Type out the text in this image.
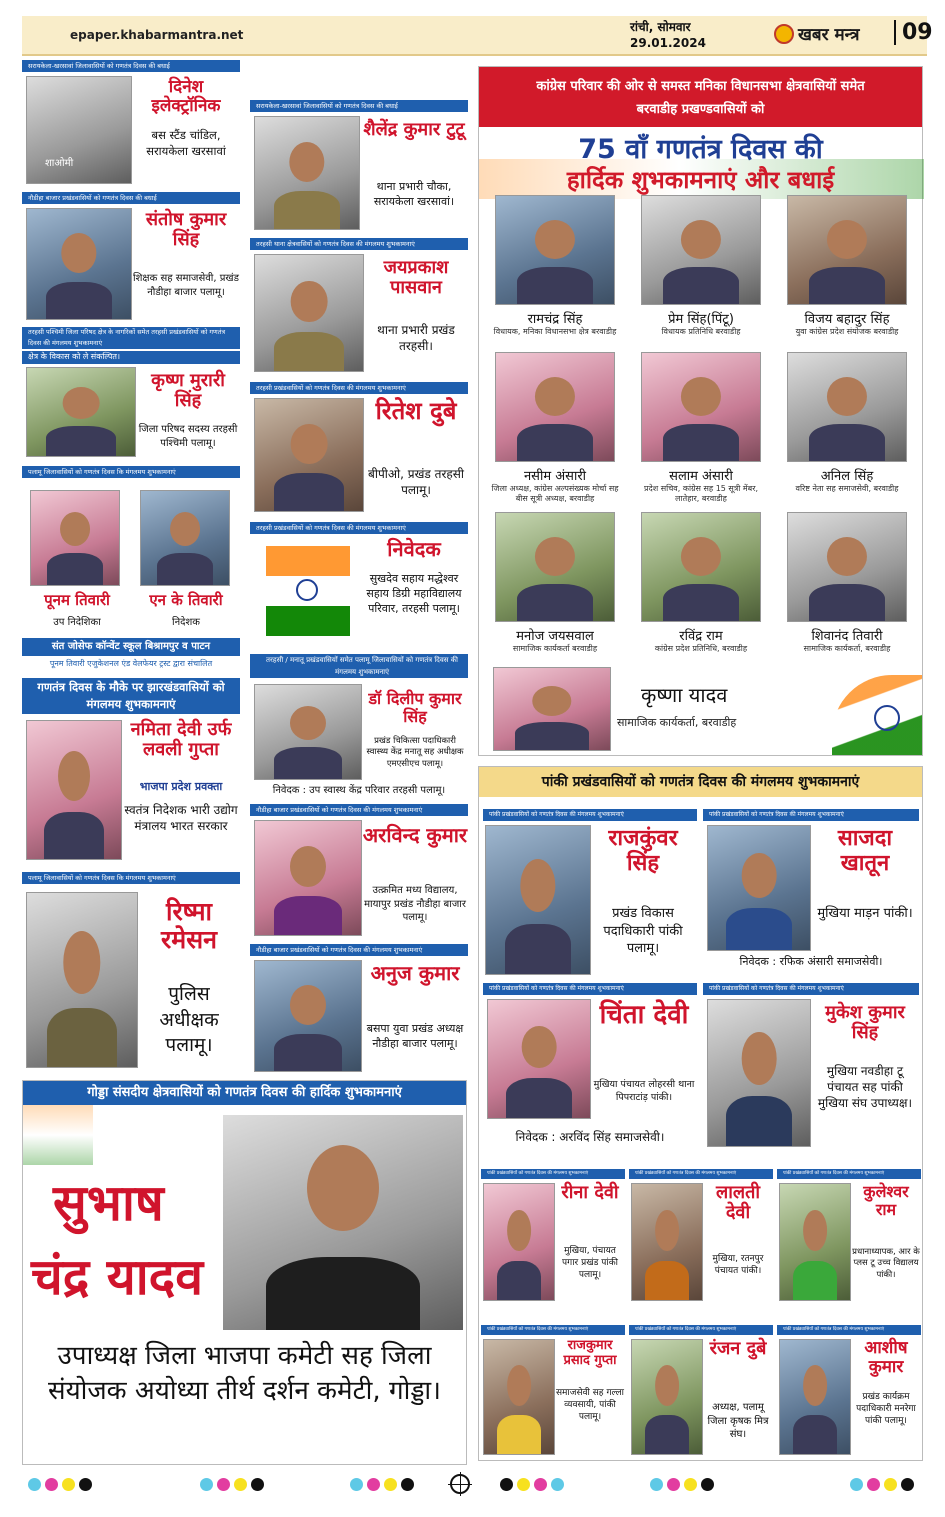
epaper.khabarmantra.net
रांची, सोमवार
29.01.2024	खबर मन्त्र	09
सरायकेला-खरसावां जिलावासियों को गणतंत्र दिवस की बधाई
शाओमी
दिनेश इलेक्ट्रॉनिक
बस स्टैंड चांडिल, सरायकेला खरसावां
नौडीहा बाजार प्रखंडवासियों को गणतंत्र दिवस की बधाई
संतोष कुमार सिंह
शिक्षक सह समाजसेवी, प्रखंड नौडीहा बाजार पलामू।
तरहसी पश्चिमी जिला परिषद क्षेत्र के नागरिकों समेत तरहसी प्रखंडवासियों को गणतंत्र दिवस की मंगलमय शुभकामनाएं
क्षेत्र के विकास को ले संकल्पित।
कृष्ण मुरारी सिंह
जिला परिषद सदस्य तरहसी पश्चिमी पलामू।
पलामू जिलावासियों को गणतंत्र दिवस कि मंगलमय शुभकामनाएं
पूनम तिवारी
उप निदेशिका
एन के तिवारी
निदेशक
संत जोसेफ कॉन्वेंट स्कूल बिश्रामपुर व पाटन
पूनम तिवारी एजुकेशनल एंड वेलफेयर ट्रस्ट द्वारा संचालित
गणतंत्र दिवस के मौके पर झारखंडवासियों को मंगलमय शुभकामनाएं
नमिता देवी उर्फ लवली गुप्ता
भाजपा प्रदेश प्रवक्ता
स्वतंत्र निदेशक भारी उद्योग मंत्रालय भारत सरकार
पलामू जिलावासियों को गणतंत्र दिवस कि मंगलमय शुभकामनाएं
रिष्मा रमेसन
पुलिस अधीक्षक पलामू।
सरायकेला-खरसावां जिलावासियों को गणतंत्र दिवस की बधाई
शैलेंद्र कुमार टुटू
थाना प्रभारी चौका, सरायकेला खरसावां।
तरहसी थाना क्षेत्रवासियों को गणतंत्र दिवस की मंगलमय शुभकामनाएं
जयप्रकाश पासवान
थाना प्रभारी प्रखंड तरहसी।
तरहसी प्रखंडवासियों को गणतंत्र दिवस की मंगलमय शुभकामनाएं
रितेश दुबे
बीपीओ, प्रखंड तरहसी पलामू।
तरहसी प्रखंडवासियों को गणतंत्र दिवस की मंगलमय शुभकामनाएं
निवेदक
सुखदेव सहाय मद्धेश्वर सहाय डिग्री महाविद्यालय परिवार, तरहसी पलामू।
तरहसी / मनातू प्रखंडवासियों समेत पलामू जिलावासियों को गणतंत्र दिवस की मंगलमय शुभकामनाएं
डॉ दिलीप कुमार सिंह
प्रखंड चिकित्सा पदाधिकारी स्वास्थ्य केंद्र मनातू सह अधीक्षक एमएसीएच पलामू।
निवेदक : उप स्वास्थ केंद्र परिवार तरहसी पलामू।
नौडीहा बाजार प्रखंडवासियों को गणतंत्र दिवस की मंगलमय शुभकामनाएं
अरविन्द कुमार
उत्क्रमित मध्य विद्यालय, मायापुर प्रखंड नौडीहा बाजार पलामू।
नौडीहा बाजार प्रखंडवासियों को गणतंत्र दिवस की मंगलमय शुभकामनाएं
अनुज कुमार
बसपा युवा प्रखंड अध्यक्ष नौडीहा बाजार पलामू।
कांग्रेस परिवार की ओर से समस्त मनिका विधानसभा क्षेत्रवासियों समेत
बरवाडीह प्रखण्डवासियों को
75 वाँ गणतंत्र दिवस की
हार्दिक शुभकामनाएं और बधाई
रामचंद्र सिंह
विधायक, मनिका विधानसभा क्षेत्र बरवाडीह
प्रेम सिंह(पिंटू)
विधायक प्रतिनिधि बरवाडीह
विजय बहादुर सिंह
युवा कांग्रेस प्रदेश संयोजक बरवाडीह
नसीम अंसारी
जिला अध्यक्ष, कांग्रेस अल्पसंख्यक मोर्चा सह बीस सूत्री अध्यक्ष, बरवाडीह
सलाम अंसारी
प्रदेश सचिव, कांग्रेस सह 15 सूत्री मेंबर, लातेहार, बरवाडीह
अनिल सिंह
वरिष्ट नेता सह समाजसेवी, बरवाडीह
मनोज जयसवाल
सामाजिक कार्यकर्ता बरवाडीह
रविंद्र राम
कांग्रेस प्रदेश प्रतिनिधि, बरवाडीह
शिवानंद तिवारी
सामाजिक कार्यकर्ता, बरवाडीह
कृष्णा यादव
सामाजिक कार्यकर्ता, बरवाडीह
पांकी प्रखंडवासियों को गणतंत्र दिवस की मंगलमय शुभकामनाएं
पांकी प्रखंडवासियों को गणतंत्र दिवस की मंगलमय शुभकामनाएं
राजकुंवर सिंह
प्रखंड विकास पदाधिकारी पांकी पलामू।
पांकी प्रखंडवासियों को गणतंत्र दिवस की मंगलमय शुभकामनाएं
साजदा खातून
मुखिया माड़न पांकी।
निवेदक : रफिक अंसारी समाजसेवी।
पांकी प्रखंडवासियों को गणतंत्र दिवस की मंगलमय शुभकामनाएं
चिंता देवी
मुखिया पंचायत लोहरसी थाना पिपराटांड़ पांकी।
निवेदक : अरविंद सिंह समाजसेवी।
पांकी प्रखंडवासियों को गणतंत्र दिवस की मंगलमय शुभकामनाएं
मुकेश कुमार सिंह
मुखिया नवडीहा टू पंचायत सह पांकी मुखिया संघ उपाध्यक्ष।
पांकी प्रखंडवासियों को गणतंत्र दिवस की मंगलमय शुभकामनाएं
रीना देवी
मुखिया, पंचायत पगार प्रखंड पांकी पलामू।
पांकी प्रखंडवासियों को गणतंत्र दिवस की मंगलमय शुभकामनाएं
लालती देवी
मुखिया, रतनपुर पंचायत पांकी।
पांकी प्रखंडवासियों को गणतंत्र दिवस की मंगलमय शुभकामनाएं
कुलेश्वर राम
प्रधानाध्यापक, आर के प्लस टू उच्च विद्यालय पांकी।
पांकी प्रखंडवासियों को गणतंत्र दिवस की मंगलमय शुभकामनाएं
राजकुमार प्रसाद गुप्ता
समाजसेवी सह गल्ला व्यवसायी, पांकी पलामू।
पांकी प्रखंडवासियों को गणतंत्र दिवस की मंगलमय शुभकामनाएं
रंजन दुबे
अध्यक्ष, पलामू जिला कृषक मित्र संघ।
पांकी प्रखंडवासियों को गणतंत्र दिवस की मंगलमय शुभकामनाएं
आशीष कुमार
प्रखंड कार्यक्रम पदाधिकारी मनरेगा पांकी पलामू।
गोड्डा संसदीय क्षेत्रवासियों को गणतंत्र दिवस की हार्दिक शुभकामनाएं
सुभाष
चंद्र यादव
उपाध्यक्ष जिला भाजपा कमेटी सह जिला संयोजक अयोध्या तीर्थ दर्शन कमेटी, गोड्डा।
